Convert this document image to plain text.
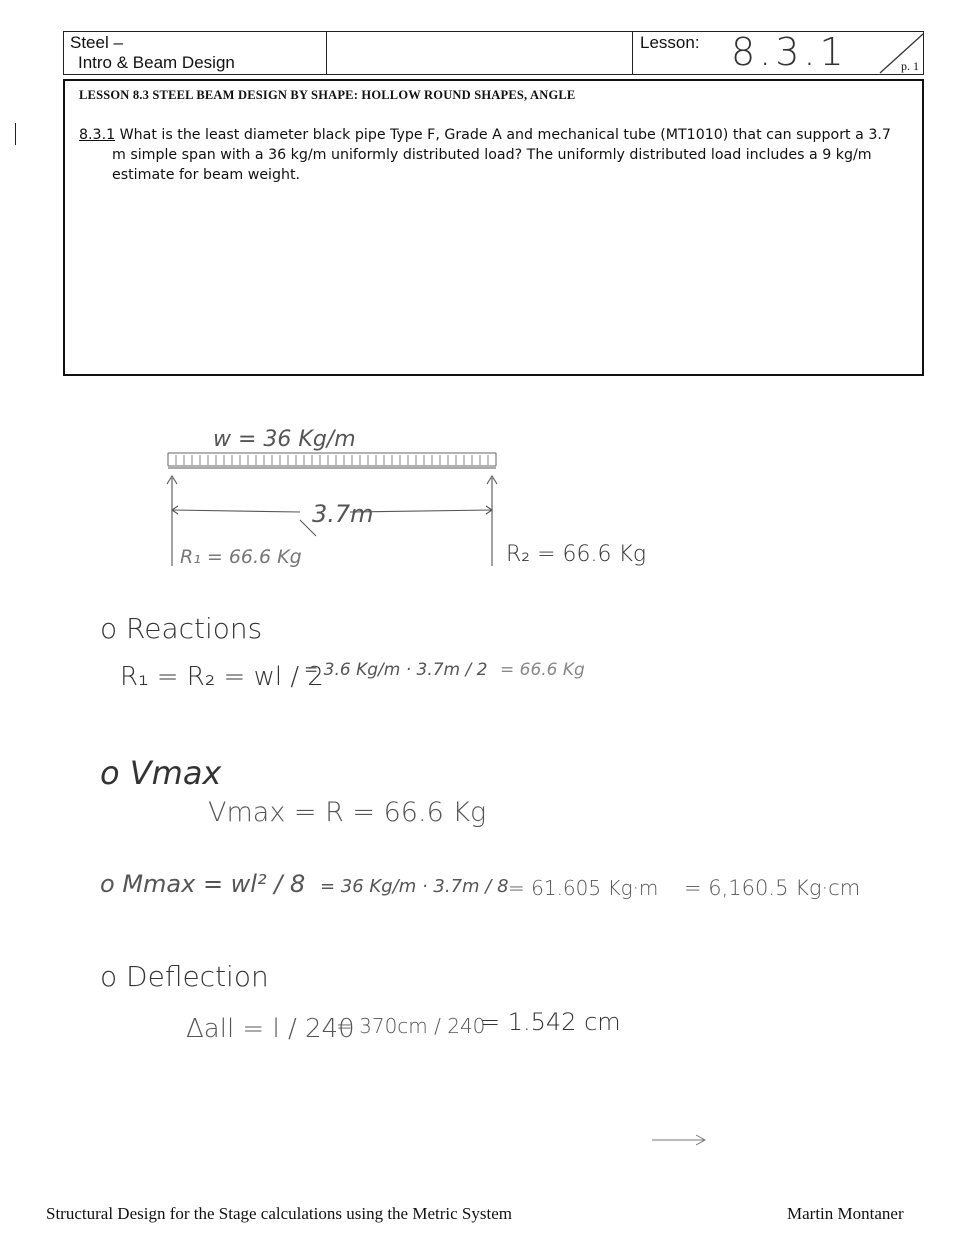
Steel –
Intro & Beam Design
Lesson: 8.3.1	p. 1
LESSON 8.3 STEEL BEAM DESIGN BY SHAPE: HOLLOW ROUND SHAPES, ANGLE
8.3.1 What is the least diameter black pipe Type F, Grade A and mechanical tube (MT1010) that can support a 3.7 m simple span with a 36 kg/m uniformly distributed load? The uniformly distributed load includes a 9 kg/m estimate for beam weight.
w = 36 Kg/m
3.7m
R₁ = 66.6 Kg	R₂ = 66.6 Kg
o Reactions
R₁ = R₂ = wl / 2
= 3.6 Kg/m · 3.7m / 2 = 66.6 Kg
o Vmax
Vmax = R = 66.6 Kg
o Mmax = wl² / 8 = 36 Kg/m · 3.7m / 8 = 61.605 Kg·m = 6,160.5 Kg·cm
o Deflection
Δall = l / 240
= 370cm / 240
= 1.542 cm
Structural Design for the Stage calculations using the Metric System	Martin Montaner
